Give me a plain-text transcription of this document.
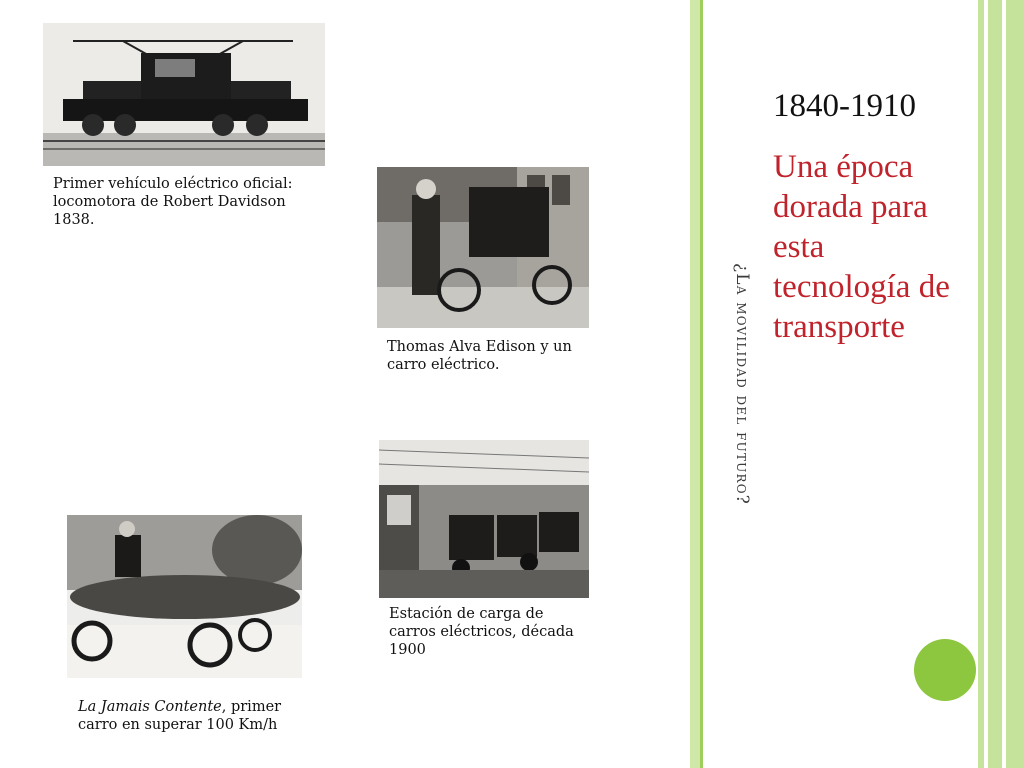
Primer vehículo eléctrico oficial: locomotora de Robert Davidson 1838.
Thomas Alva Edison y un carro eléctrico.
Estación de carga de carros eléctricos, década 1900
La Jamais Contente, primer carro en superar 100 Km/h
¿La movilidad del futuro?
1840-1910
Una época dorada para esta tecnología de transporte
